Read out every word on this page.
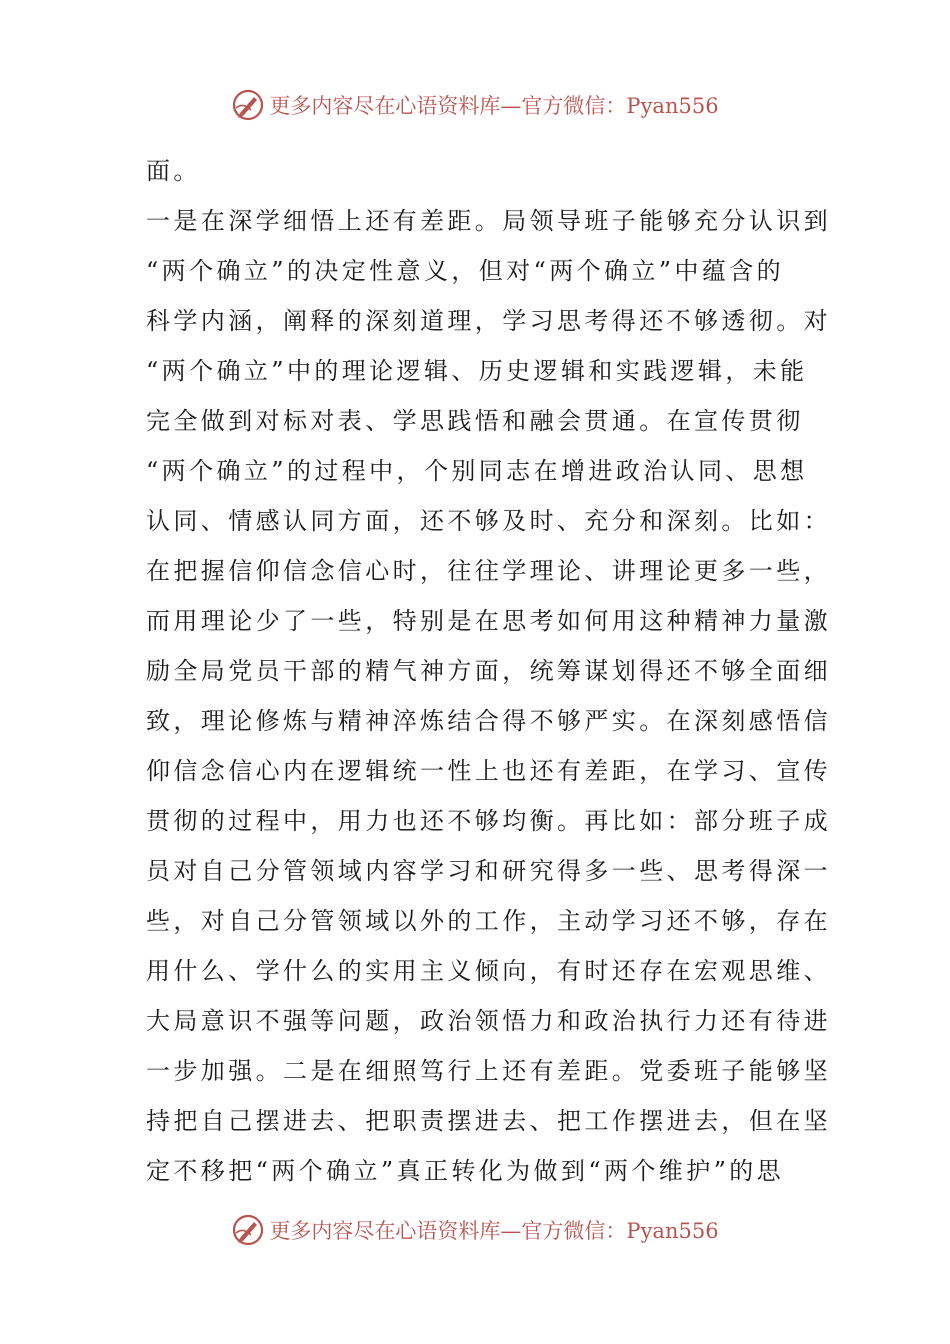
更多内容尽在心语资料库—官方微信：Pyan556
面。
一是在深学细悟上还有差距。局领导班子能够充分认识到
“两个确立”的决定性意义，但对“两个确立”中蕴含的
科学内涵，阐释的深刻道理，学习思考得还不够透彻。对
“两个确立”中的理论逻辑、历史逻辑和实践逻辑，未能
完全做到对标对表、学思践悟和融会贯通。在宣传贯彻
“两个确立”的过程中，个别同志在增进政治认同、思想
认同、情感认同方面，还不够及时、充分和深刻。比如：
在把握信仰信念信心时，往往学理论、讲理论更多一些，
而用理论少了一些，特别是在思考如何用这种精神力量激
励全局党员干部的精气神方面，统筹谋划得还不够全面细
致，理论修炼与精神淬炼结合得不够严实。在深刻感悟信
仰信念信心内在逻辑统一性上也还有差距，在学习、宣传
贯彻的过程中，用力也还不够均衡。再比如：部分班子成
员对自己分管领域内容学习和研究得多一些、思考得深一
些，对自己分管领域以外的工作，主动学习还不够，存在
用什么、学什么的实用主义倾向，有时还存在宏观思维、
大局意识不强等问题，政治领悟力和政治执行力还有待进
一步加强。二是在细照笃行上还有差距。党委班子能够坚
持把自己摆进去、把职责摆进去、把工作摆进去，但在坚
定不移把“两个确立”真正转化为做到“两个维护”的思
更多内容尽在心语资料库—官方微信：Pyan556
